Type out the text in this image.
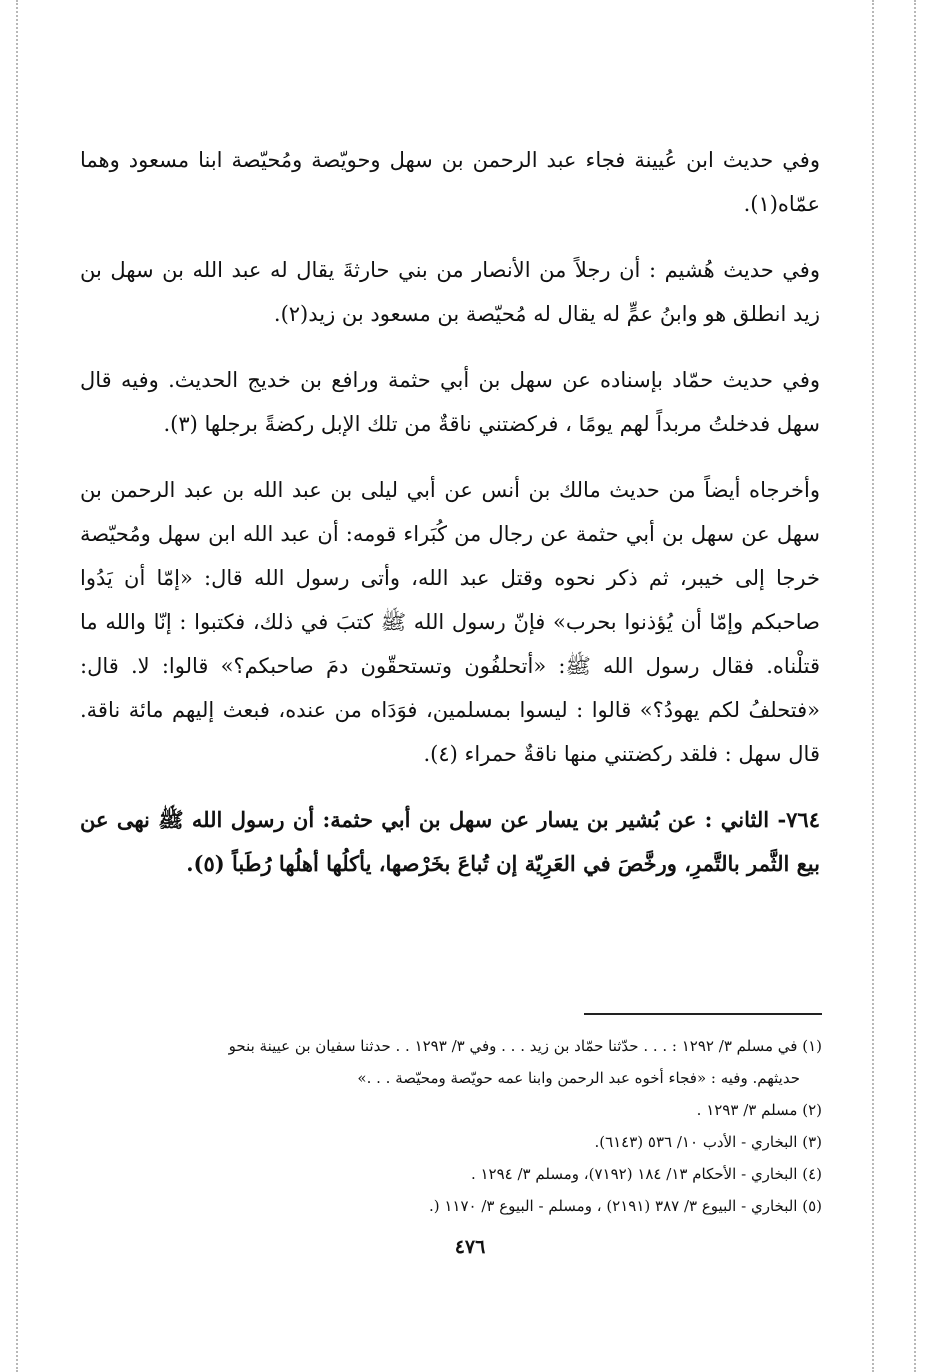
وفي حديث ابن عُيينة فجاء عبد الرحمن بن سهل وحويّصة ومُحيّصة ابنا مسعود وهما عمّاه(١).

وفي حديث هُشيم : أن رجلاً من الأنصار من بني حارثةَ يقال له عبد الله بن سهل بن زيد انطلق هو وابنُ عمٍّ له يقال له مُحيّصة بن مسعود بن زيد(٢).

وفي حديث حمّاد بإسناده عن سهل بن أبي حثمة ورافع بن خديج الحديث. وفيه قال سهل فدخلتُ مربداً لهم يومًا ، فركضتني ناقةٌ من تلك الإبل ركضةً برجلها (٣).

وأخرجاه أيضاً من حديث مالك بن أنس عن أبي ليلى بن عبد الله بن عبد الرحمن بن سهل عن سهل بن أبي حثمة عن رجال من كُبَراء قومه: أن عبد الله ابن سهل ومُحيّصة خرجا إلى خيبر، ثم ذكر نحوه وقتل عبد الله، وأتى رسول الله قال: «إمّا أن يَدُوا صاحبكم وإمّا أن يُؤذنوا بحرب» فإنّ رسول الله ﷺ كتبَ في ذلك، فكتبوا : إنّا والله ما قتلْناه. فقال رسول الله ﷺ: «أتحلفُون وتستحقّون دمَ صاحبكم؟» قالوا: لا. قال: «فتحلفُ لكم يهودُ؟» قالوا : ليسوا بمسلمين، فوَدَاه من عنده، فبعث إليهم مائة ناقة. قال سهل : فلقد ركضتني منها ناقةٌ حمراء (٤).

٧٦٤- الثاني : عن بُشير بن يسار عن سهل بن أبي حثمة: أن رسول الله ﷺ نهى عن بيع الثَّمر بالتَّمرِ، ورخَّصَ في العَرِيّة إن تُباعَ بخَرْصها، يأكلُها أهلُها رُطَباً (٥).

(١) في مسلم ٣/ ١٢٩٢ : . . . حدّثنا حمّاد بن زيد . . . وفي ٣/ ١٢٩٣ . . حدثنا سفيان بن عيينة بنحو

حديثهم. وفيه : «فجاء أخوه عبد الرحمن وابنا عمه حويّصة ومحيّصة . . .»

(٢) مسلم ٣/ ١٢٩٣ .

(٣) البخاري - الأدب ١٠/ ٥٣٦ (٦١٤٣).

(٤) البخاري - الأحكام ١٣/ ١٨٤ (٧١٩٢)، ومسلم ٣/ ١٢٩٤ .

(٥) البخاري - البيوع ٣/ ٣٨٧ (٢١٩١) ، ومسلم - البيوع ٣/ ١١٧٠ (.

٤٧٦
